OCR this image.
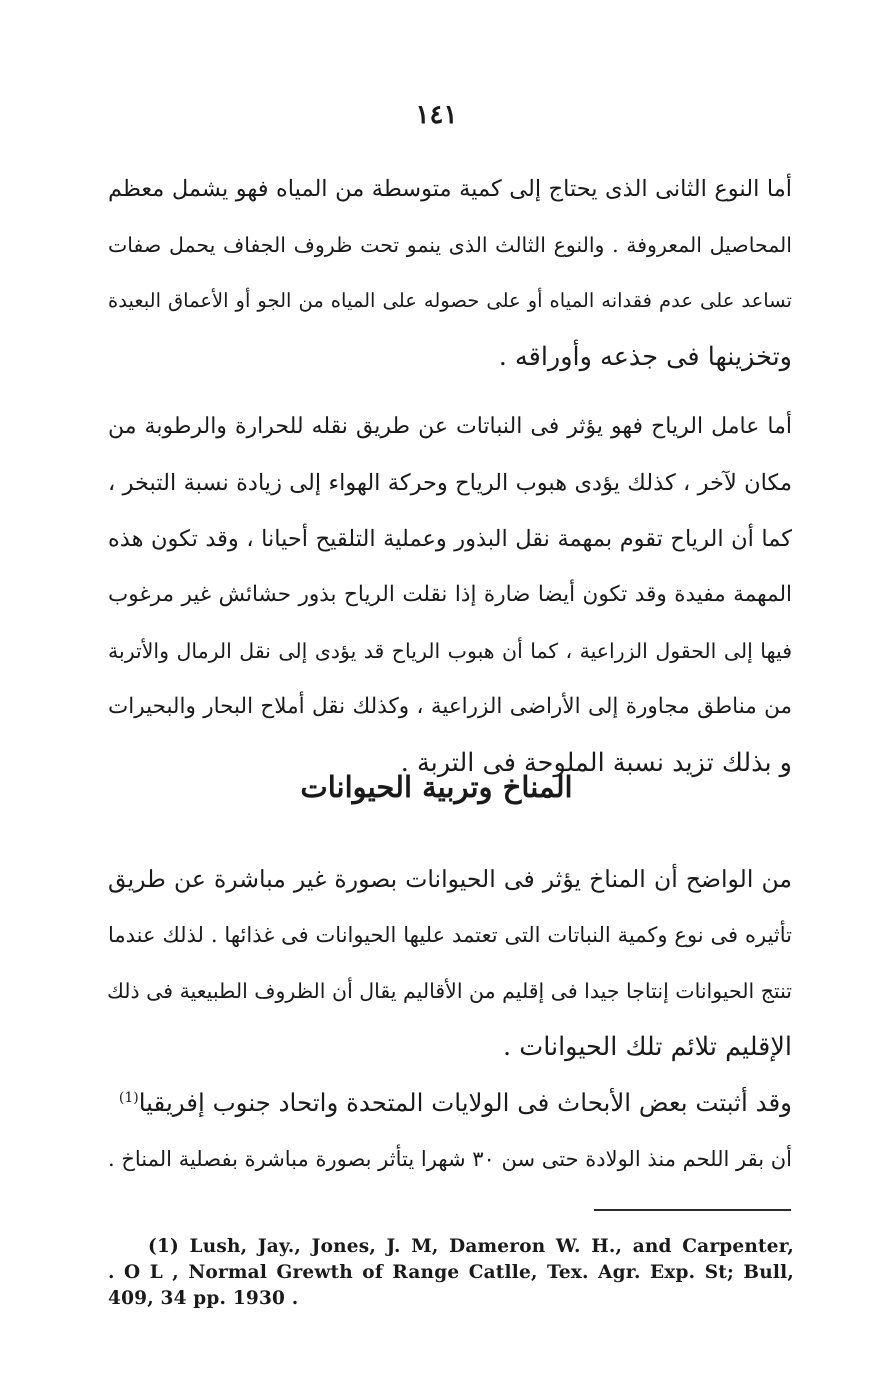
١٤١
أما النوع الثانى الذى يحتاج إلى كمية متوسطة من المياه فهو يشمل معظم
المحاصيل المعروفة . والنوع الثالث الذى ينمو تحت ظروف الجفاف يحمل صفات
تساعد على عدم فقدانه المياه أو على حصوله على المياه من الجو أو الأعماق البعيدة
وتخزينها فى جذعه وأوراقه .
أما عامل الرياح فهو يؤثر فى النباتات عن طريق نقله للحرارة والرطوبة من
مكان لآخر ، كذلك يؤدى هبوب الرياح وحركة الهواء إلى زيادة نسبة التبخر ،
كما أن الرياح تقوم بمهمة نقل البذور وعملية التلقيح أحيانا ، وقد تكون هذه
المهمة مفيدة وقد تكون أيضا ضارة إذا نقلت الرياح بذور حشائش غير مرغوب
فيها إلى الحقول الزراعية ، كما أن هبوب الرياح قد يؤدى إلى نقل الرمال والأتربة
من مناطق مجاورة إلى الأراضى الزراعية ، وكذلك نقل أملاح البحار والبحيرات
و بذلك تزيد نسبة الملوحة فى التربة .
المناخ وتربية الحيوانات
من الواضح أن المناخ يؤثر فى الحيوانات بصورة غير مباشرة عن طريق
تأثيره فى نوع وكمية النباتات التى تعتمد عليها الحيوانات فى غذائها . لذلك عندما
تنتج الحيوانات إنتاجا جيدا فى إقليم من الأقاليم يقال أن الظروف الطبيعية فى ذلك
الإقليم تلائم تلك الحيوانات .
وقد أثبتت بعض الأبحاث فى الولايات المتحدة واتحاد جنوب إفريقيا$^{(1)}$
أن بقر اللحم منذ الولادة حتى سن ٣٠ شهرا يتأثر بصورة مباشرة بفصلية المناخ .
(1) Lush, Jay., Jones, J. M, Dameron W. H., and Carpenter,
. O L , Normal Grewth of Range Catlle, Tex. Agr. Exp. St; Bull,
409, 34 pp. 1930 .
